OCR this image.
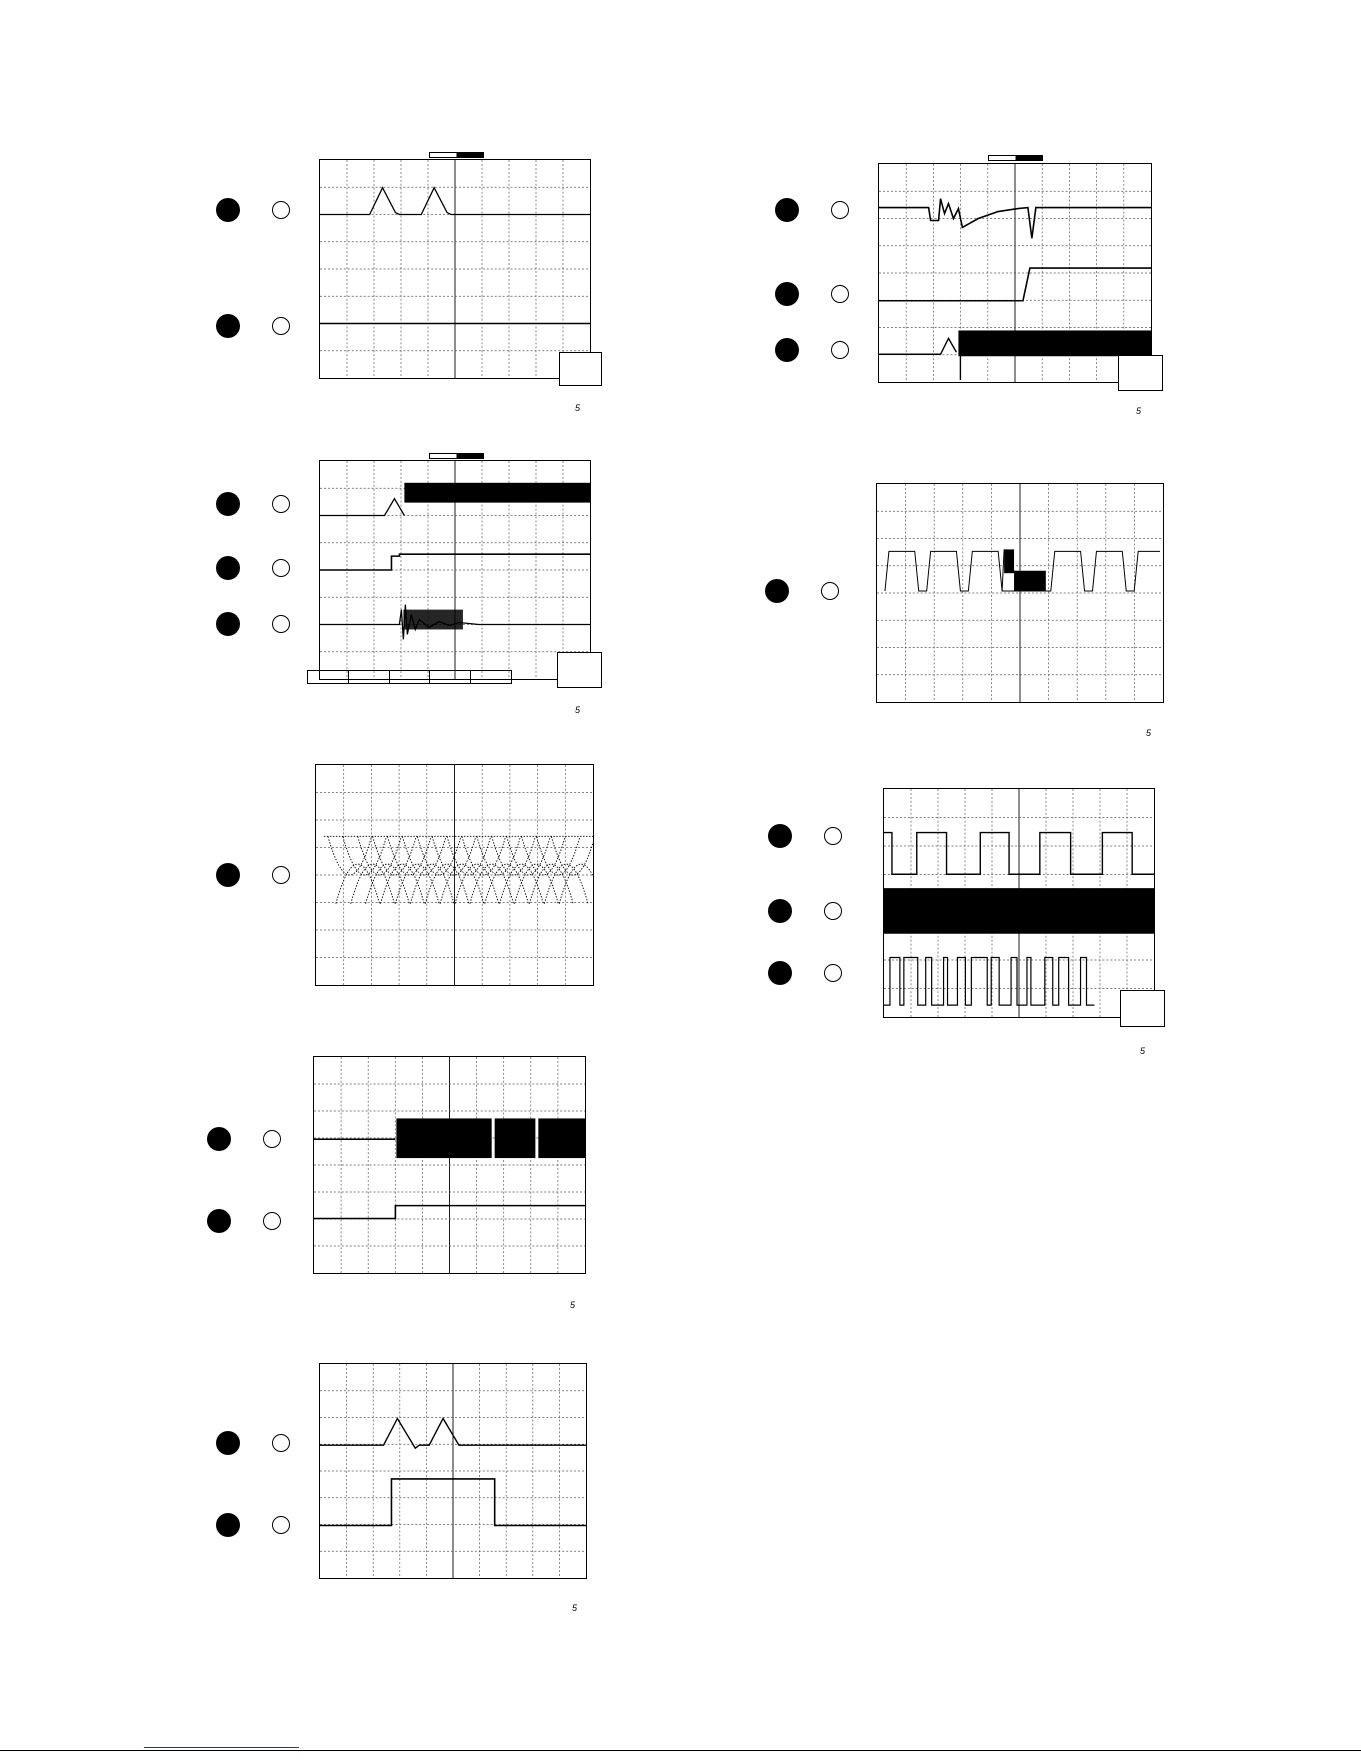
5
5
5
5
5
5
5
